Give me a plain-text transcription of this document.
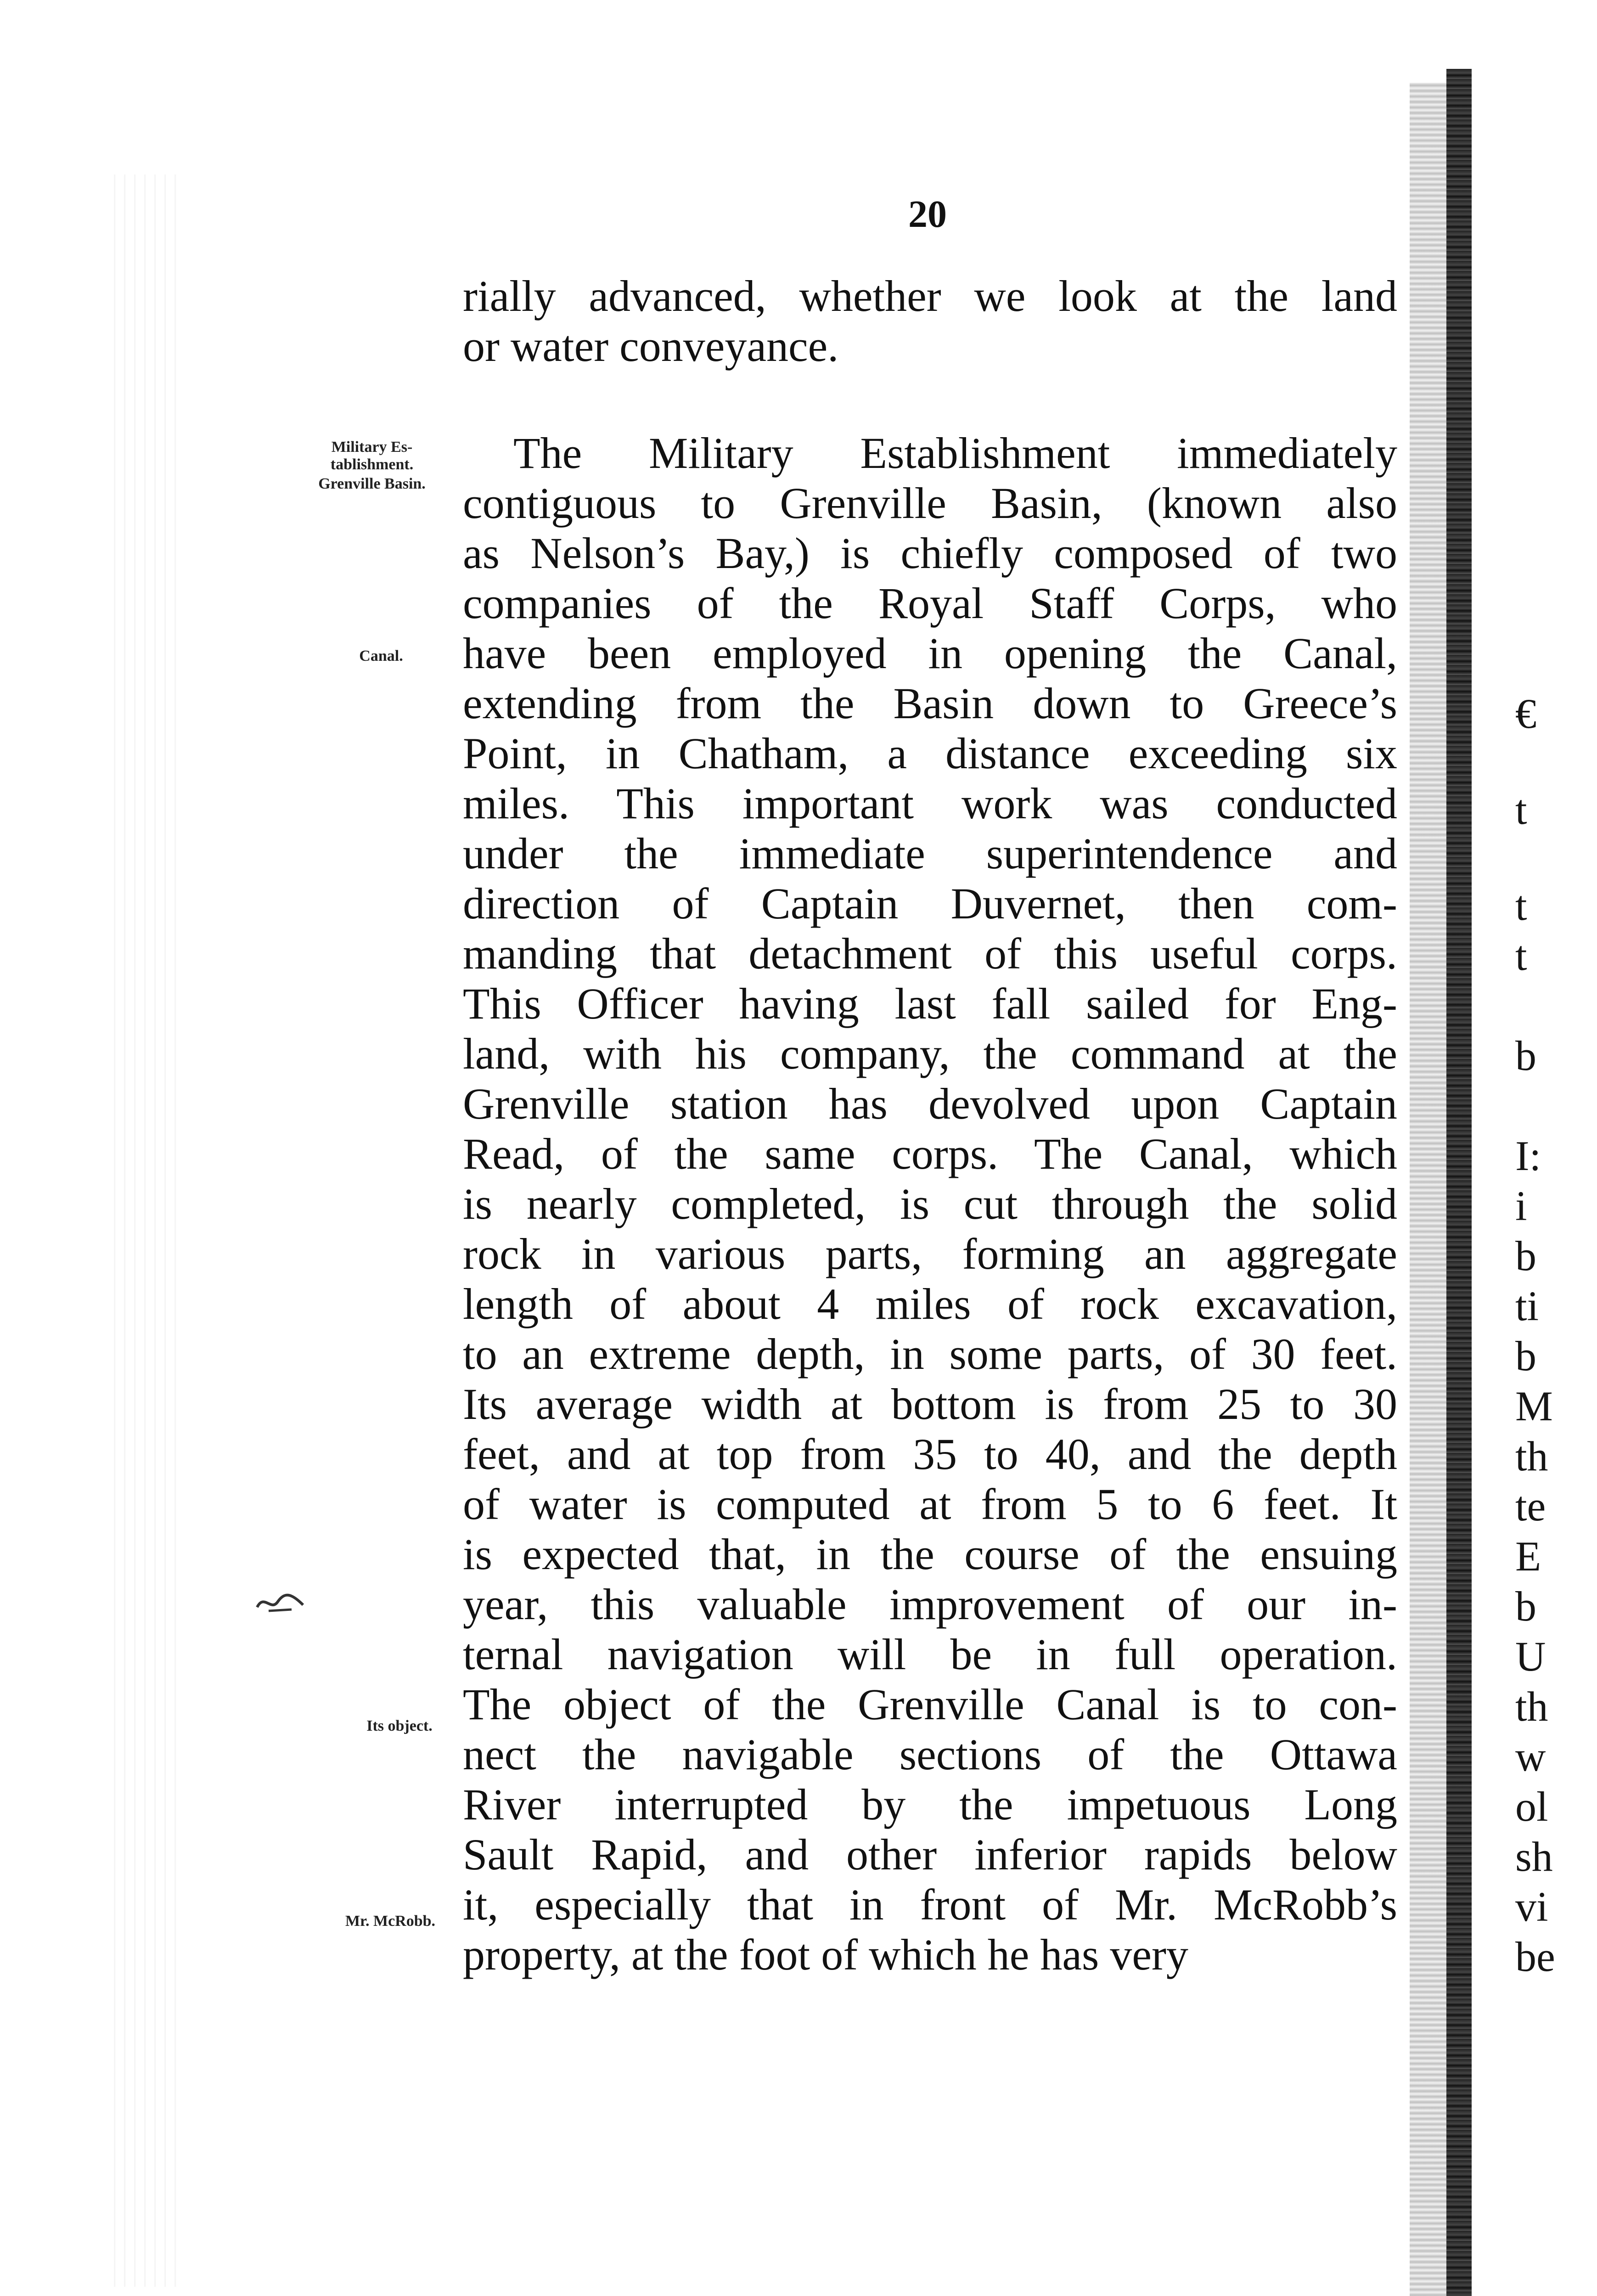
20
Military Es-tablishment.
Grenville Basin.
Canal.
Its object.
Mr. McRobb.
rially advanced, whether we look at the land
or water conveyance.
The Military Establishment immediately
contiguous to Grenville Basin, (known also
as Nelson’s Bay,) is chiefly composed of two
companies of the Royal Staff Corps, who
have been employed in opening the Canal,
extending from the Basin down to Greece’s
Point, in Chatham, a distance exceeding six
miles. This important work was conducted
under the immediate superintendence and
direction of Captain Duvernet, then com-
manding that detachment of this useful corps.
This Officer having last fall sailed for Eng-
land, with his company, the command at the
Grenville station has devolved upon Captain
Read, of the same corps. The Canal, which
is nearly completed, is cut through the solid
rock in various parts, forming an aggregate
length of about 4 miles of rock excavation,
to an extreme depth, in some parts, of 30 feet.
Its average width at bottom is from 25 to 30
feet, and at top from 35 to 40, and the depth
of water is computed at from 5 to 6 feet. It
is expected that, in the course of the ensuing
year, this valuable improvement of our in-
ternal navigation will be in full operation.
The object of the Grenville Canal is to con-
nect the navigable sections of the Ottawa
River interrupted by the impetuous Long
Sault Rapid, and other inferior rapids below
it, especially that in front of Mr. McRobb’s
property, at the foot of which he has very
€
t
t
t
b
I:
i
b
ti
b
M
th
te
E
b
U
th
w
ol
sh
vi
be
